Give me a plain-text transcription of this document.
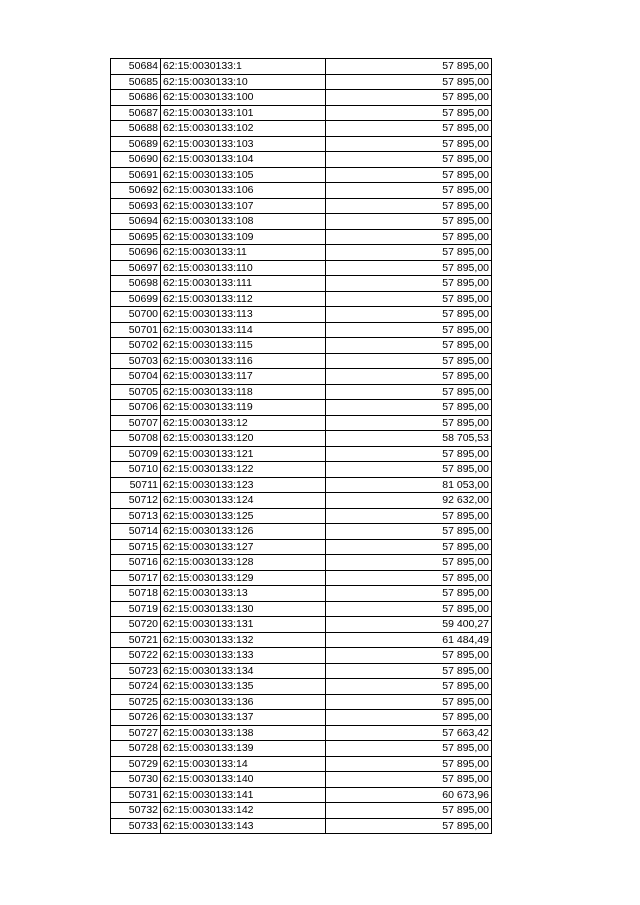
50684	62:15:0030133:1	57 895,00
50685	62:15:0030133:10	57 895,00
50686	62:15:0030133:100	57 895,00
50687	62:15:0030133:101	57 895,00
50688	62:15:0030133:102	57 895,00
50689	62:15:0030133:103	57 895,00
50690	62:15:0030133:104	57 895,00
50691	62:15:0030133:105	57 895,00
50692	62:15:0030133:106	57 895,00
50693	62:15:0030133:107	57 895,00
50694	62:15:0030133:108	57 895,00
50695	62:15:0030133:109	57 895,00
50696	62:15:0030133:11	57 895,00
50697	62:15:0030133:110	57 895,00
50698	62:15:0030133:111	57 895,00
50699	62:15:0030133:112	57 895,00
50700	62:15:0030133:113	57 895,00
50701	62:15:0030133:114	57 895,00
50702	62:15:0030133:115	57 895,00
50703	62:15:0030133:116	57 895,00
50704	62:15:0030133:117	57 895,00
50705	62:15:0030133:118	57 895,00
50706	62:15:0030133:119	57 895,00
50707	62:15:0030133:12	57 895,00
50708	62:15:0030133:120	58 705,53
50709	62:15:0030133:121	57 895,00
50710	62:15:0030133:122	57 895,00
50711	62:15:0030133:123	81 053,00
50712	62:15:0030133:124	92 632,00
50713	62:15:0030133:125	57 895,00
50714	62:15:0030133:126	57 895,00
50715	62:15:0030133:127	57 895,00
50716	62:15:0030133:128	57 895,00
50717	62:15:0030133:129	57 895,00
50718	62:15:0030133:13	57 895,00
50719	62:15:0030133:130	57 895,00
50720	62:15:0030133:131	59 400,27
50721	62:15:0030133:132	61 484,49
50722	62:15:0030133:133	57 895,00
50723	62:15:0030133:134	57 895,00
50724	62:15:0030133:135	57 895,00
50725	62:15:0030133:136	57 895,00
50726	62:15:0030133:137	57 895,00
50727	62:15:0030133:138	57 663,42
50728	62:15:0030133:139	57 895,00
50729	62:15:0030133:14	57 895,00
50730	62:15:0030133:140	57 895,00
50731	62:15:0030133:141	60 673,96
50732	62:15:0030133:142	57 895,00
50733	62:15:0030133:143	57 895,00
